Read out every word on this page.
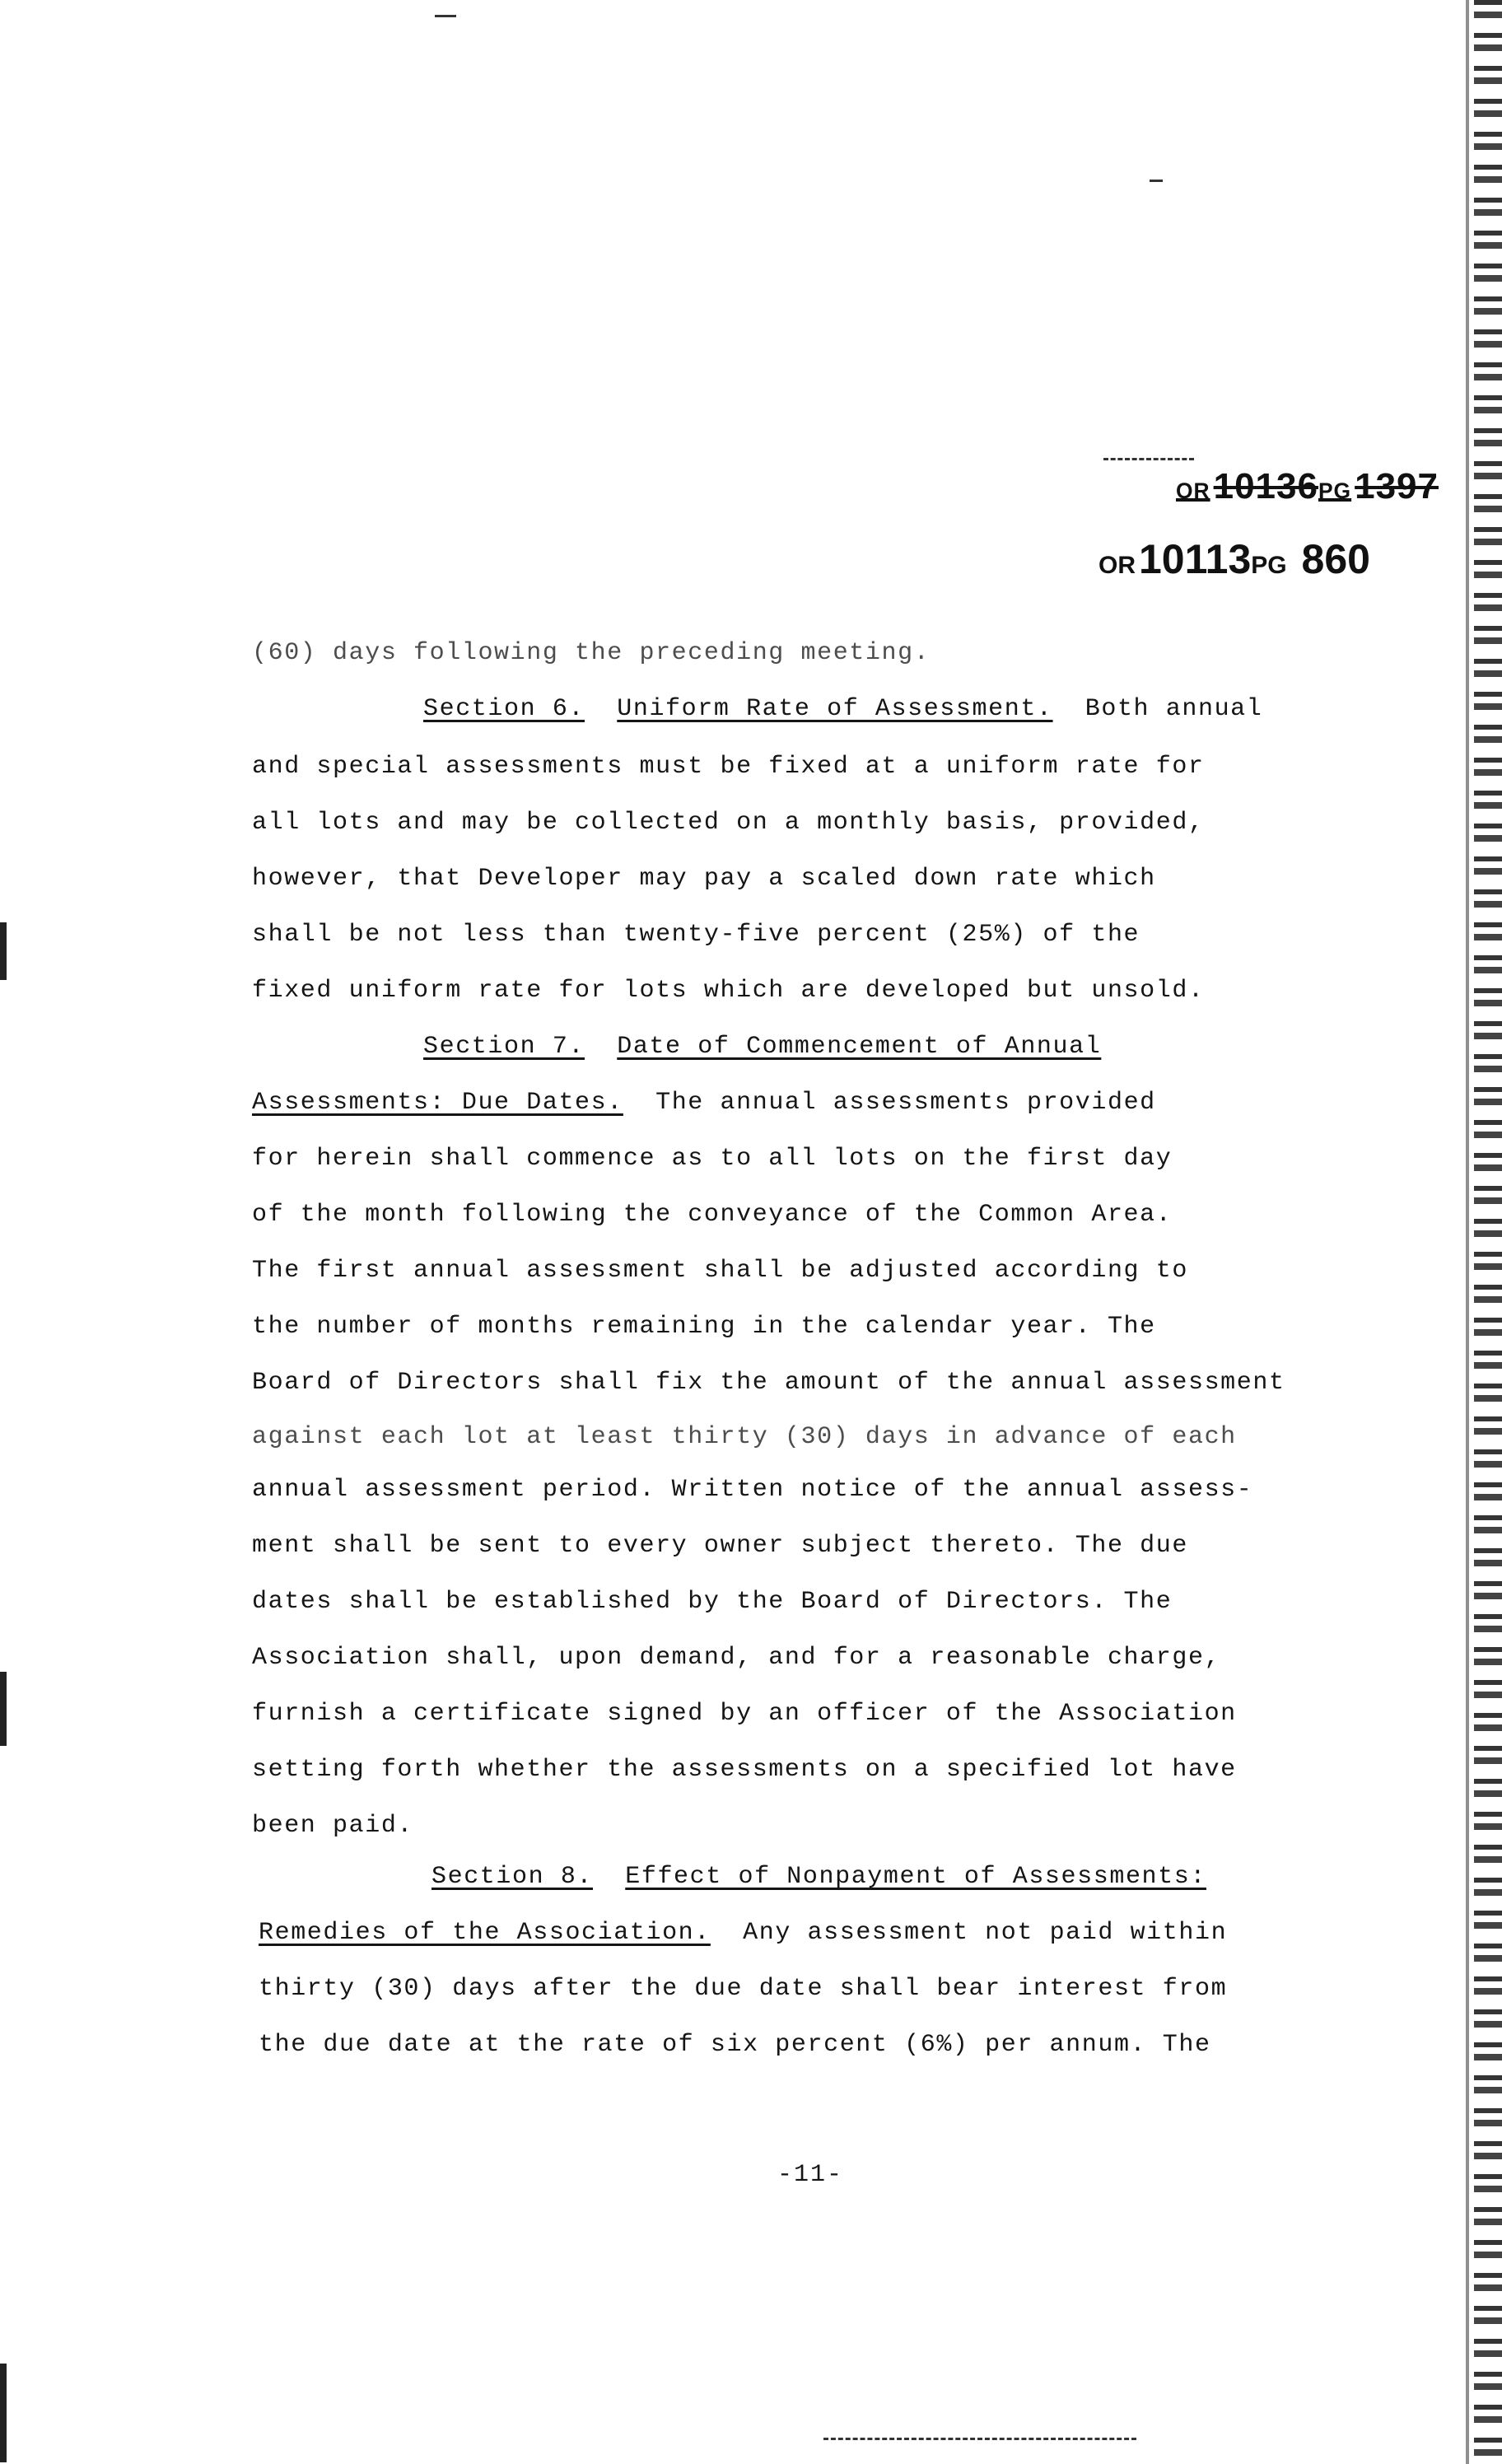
OR10136PG1397
OR10113PG 860
(60) days following the preceding meeting.
Section 6. Uniform Rate of Assessment. Both annual
and special assessments must be fixed at a uniform rate for
all lots and may be collected on a monthly basis, provided,
however, that Developer may pay a scaled down rate which
shall be not less than twenty-five percent (25%) of the
fixed uniform rate for lots which are developed but unsold.
Section 7. Date of Commencement of Annual
Assessments: Due Dates. The annual assessments provided
for herein shall commence as to all lots on the first day
of the month following the conveyance of the Common Area.
The first annual assessment shall be adjusted according to
the number of months remaining in the calendar year. The
Board of Directors shall fix the amount of the annual assessment
against each lot at least thirty (30) days in advance of each
annual assessment period. Written notice of the annual assess-
ment shall be sent to every owner subject thereto. The due
dates shall be established by the Board of Directors. The
Association shall, upon demand, and for a reasonable charge,
furnish a certificate signed by an officer of the Association
setting forth whether the assessments on a specified lot have
been paid.
Section 8. Effect of Nonpayment of Assessments:
Remedies of the Association. Any assessment not paid within
thirty (30) days after the due date shall bear interest from
the due date at the rate of six percent (6%) per annum. The
-11-
